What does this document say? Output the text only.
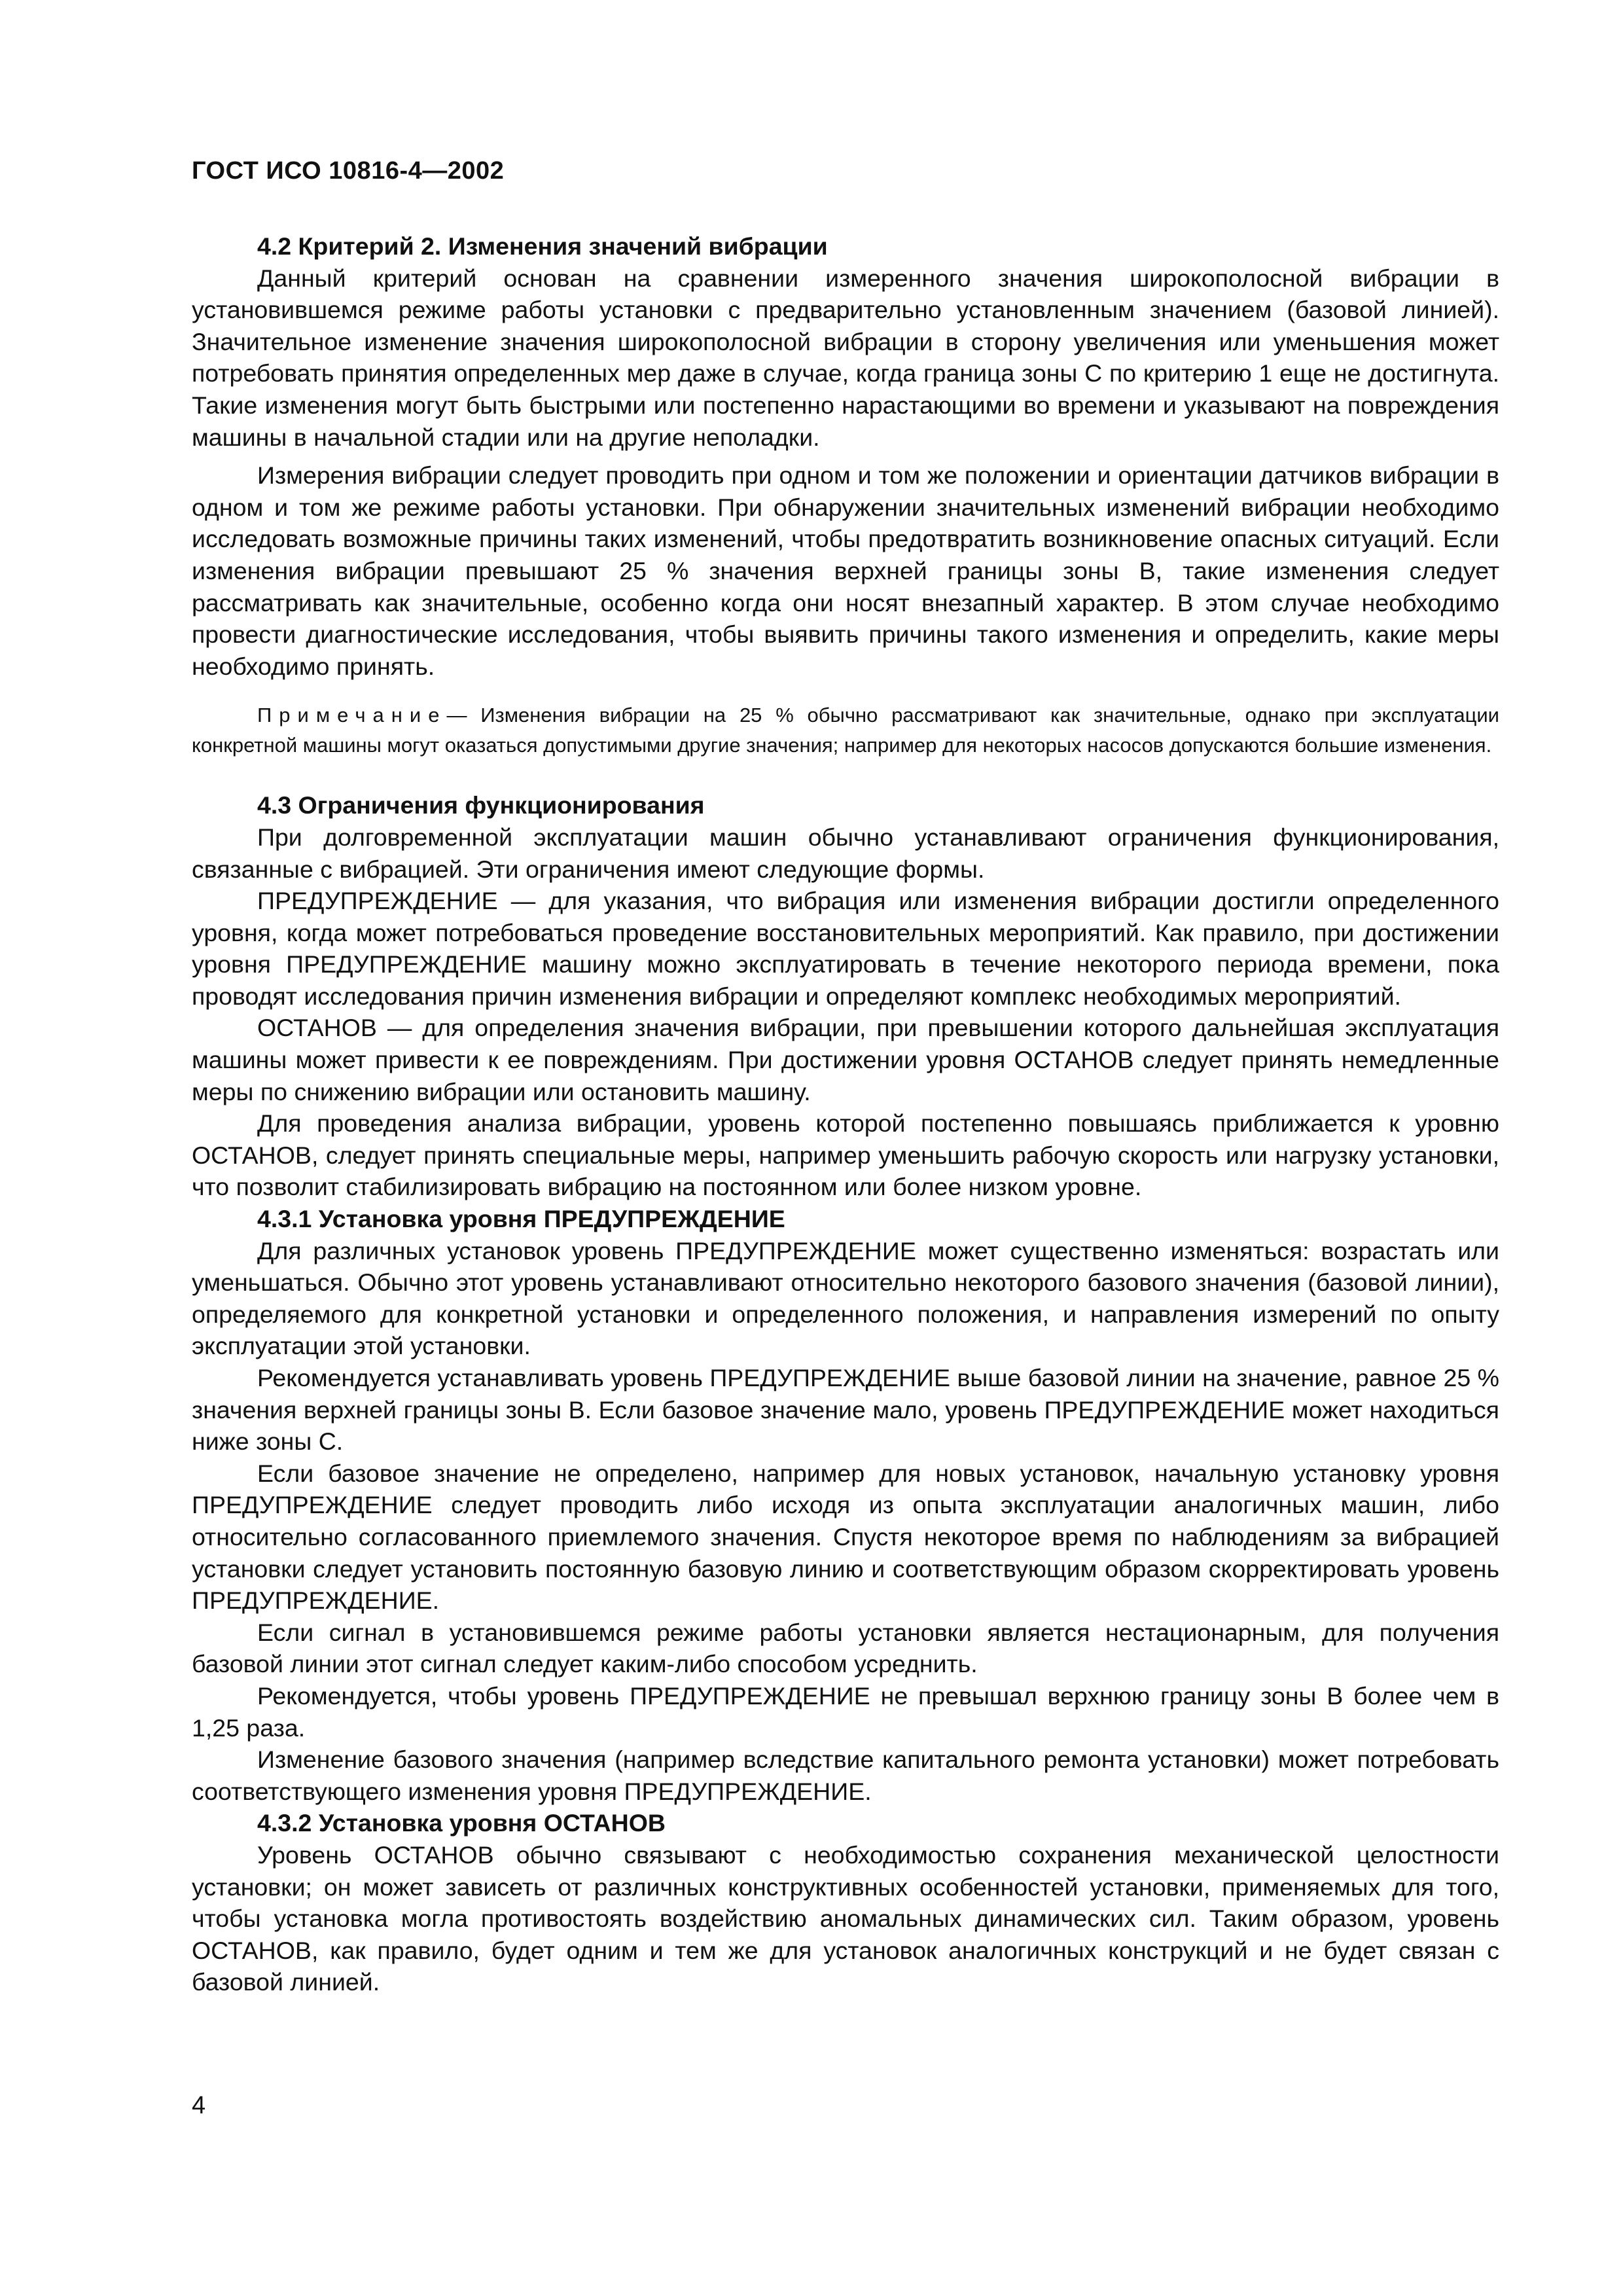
ГОСТ ИСО 10816-4—2002

4.2 Критерий 2. Изменения значений вибрации

Данный критерий основан на сравнении измеренного значения широкополосной вибрации в установившемся режиме работы установки с предварительно установленным значением (базовой линией). Значительное изменение значения широкополосной вибрации в сторону увеличения или уменьшения может потребовать принятия определенных мер даже в случае, когда граница зоны С по критерию 1 еще не достигнута. Такие изменения могут быть быстрыми или постепенно нарастающими во времени и указывают на повреждения машины в начальной стадии или на другие неполадки.

Измерения вибрации следует проводить при одном и том же положении и ориентации датчиков вибрации в одном и том же режиме работы установки. При обнаружении значительных изменений вибрации необходимо исследовать возможные причины таких изменений, чтобы предотвратить возникновение опасных ситуаций. Если изменения вибрации превышают 25 % значения верхней границы зоны В, такие изменения следует рассматривать как значительные, особенно когда они носят внезапный характер. В этом случае необходимо провести диагностические исследования, чтобы выявить причины такого изменения и определить, какие меры необходимо принять.

Примечание— Изменения вибрации на 25 % обычно рассматривают как значительные, однако при эксплуатации конкретной машины могут оказаться допустимыми другие значения; например для некоторых насосов допускаются большие изменения.

4.3 Ограничения функционирования

При долговременной эксплуатации машин обычно устанавливают ограничения функционирования, связанные с вибрацией. Эти ограничения имеют следующие формы.

ПРЕДУПРЕЖДЕНИЕ — для указания, что вибрация или изменения вибрации достигли определенного уровня, когда может потребоваться проведение восстановительных мероприятий. Как правило, при достижении уровня ПРЕДУПРЕЖДЕНИЕ машину можно эксплуатировать в течение некоторого периода времени, пока проводят исследования причин изменения вибрации и определяют комплекс необходимых мероприятий.

ОСТАНОВ — для определения значения вибрации, при превышении которого дальнейшая эксплуатация машины может привести к ее повреждениям. При достижении уровня ОСТАНОВ следует принять немедленные меры по снижению вибрации или остановить машину.

Для проведения анализа вибрации, уровень которой постепенно повышаясь приближается к уровню ОСТАНОВ, следует принять специальные меры, например уменьшить рабочую скорость или нагрузку установки, что позволит стабилизировать вибрацию на постоянном или более низком уровне.

4.3.1 Установка уровня ПРЕДУПРЕЖДЕНИЕ

Для различных установок уровень ПРЕДУПРЕЖДЕНИЕ может существенно изменяться: возрастать или уменьшаться. Обычно этот уровень устанавливают относительно некоторого базового значения (базовой линии), определяемого для конкретной установки и определенного положения, и направления измерений по опыту эксплуатации этой установки.

Рекомендуется устанавливать уровень ПРЕДУПРЕЖДЕНИЕ выше базовой линии на значение, равное 25 % значения верхней границы зоны В. Если базовое значение мало, уровень ПРЕДУПРЕЖДЕНИЕ может находиться ниже зоны С.

Если базовое значение не определено, например для новых установок, начальную установку уровня ПРЕДУПРЕЖДЕНИЕ следует проводить либо исходя из опыта эксплуатации аналогичных машин, либо относительно согласованного приемлемого значения. Спустя некоторое время по наблюдениям за вибрацией установки следует установить постоянную базовую линию и соответствующим образом скорректировать уровень ПРЕДУПРЕЖДЕНИЕ.

Если сигнал в установившемся режиме работы установки является нестационарным, для получения базовой линии этот сигнал следует каким-либо способом усреднить.

Рекомендуется, чтобы уровень ПРЕДУПРЕЖДЕНИЕ не превышал верхнюю границу зоны В более чем в 1,25 раза.

Изменение базового значения (например вследствие капитального ремонта установки) может потребовать соответствующего изменения уровня ПРЕДУПРЕЖДЕНИЕ.

4.3.2 Установка уровня ОСТАНОВ

Уровень ОСТАНОВ обычно связывают с необходимостью сохранения механической целостности установки; он может зависеть от различных конструктивных особенностей установки, применяемых для того, чтобы установка могла противостоять воздействию аномальных динамических сил. Таким образом, уровень ОСТАНОВ, как правило, будет одним и тем же для установок аналогичных конструкций и не будет связан с базовой линией.

4
